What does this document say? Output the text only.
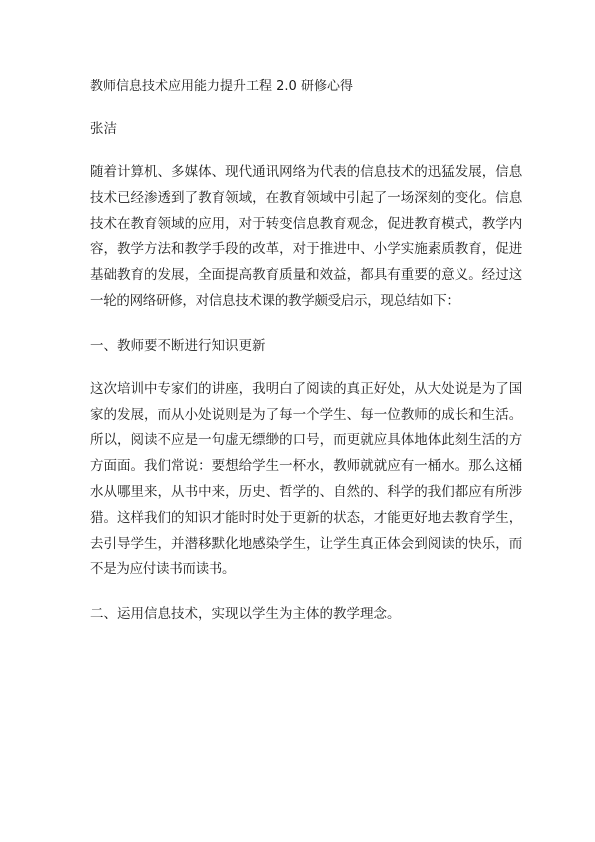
教师信息技术应用能力提升工程 2.0 研修心得

张洁

随着计算机、多媒体、现代通讯网络为代表的信息技术的迅猛发展，信息技术已经渗透到了教育领域，在教育领域中引起了一场深刻的变化。信息技术在教育领域的应用，对于转变信息教育观念，促进教育模式，教学内容，教学方法和教学手段的改革，对于推进中、小学实施素质教育，促进基础教育的发展，全面提高教育质量和效益，都具有重要的意义。经过这一轮的网络研修，对信息技术课的教学颇受启示，现总结如下：

一、教师要不断进行知识更新

这次培训中专家们的讲座，我明白了阅读的真正好处，从大处说是为了国家的发展，而从小处说则是为了每一个学生、每一位教师的成长和生活。所以，阅读不应是一句虚无缥缈的口号，而更就应具体地体此刻生活的方方面面。我们常说：要想给学生一杯水，教师就就应有一桶水。那么这桶水从哪里来，从书中来，历史、哲学的、自然的、科学的我们都应有所涉猎。这样我们的知识才能时时处于更新的状态，才能更好地去教育学生，去引导学生，并潜移默化地感染学生，让学生真正体会到阅读的快乐，而不是为应付读书而读书。

二、运用信息技术，实现以学生为主体的教学理念。
